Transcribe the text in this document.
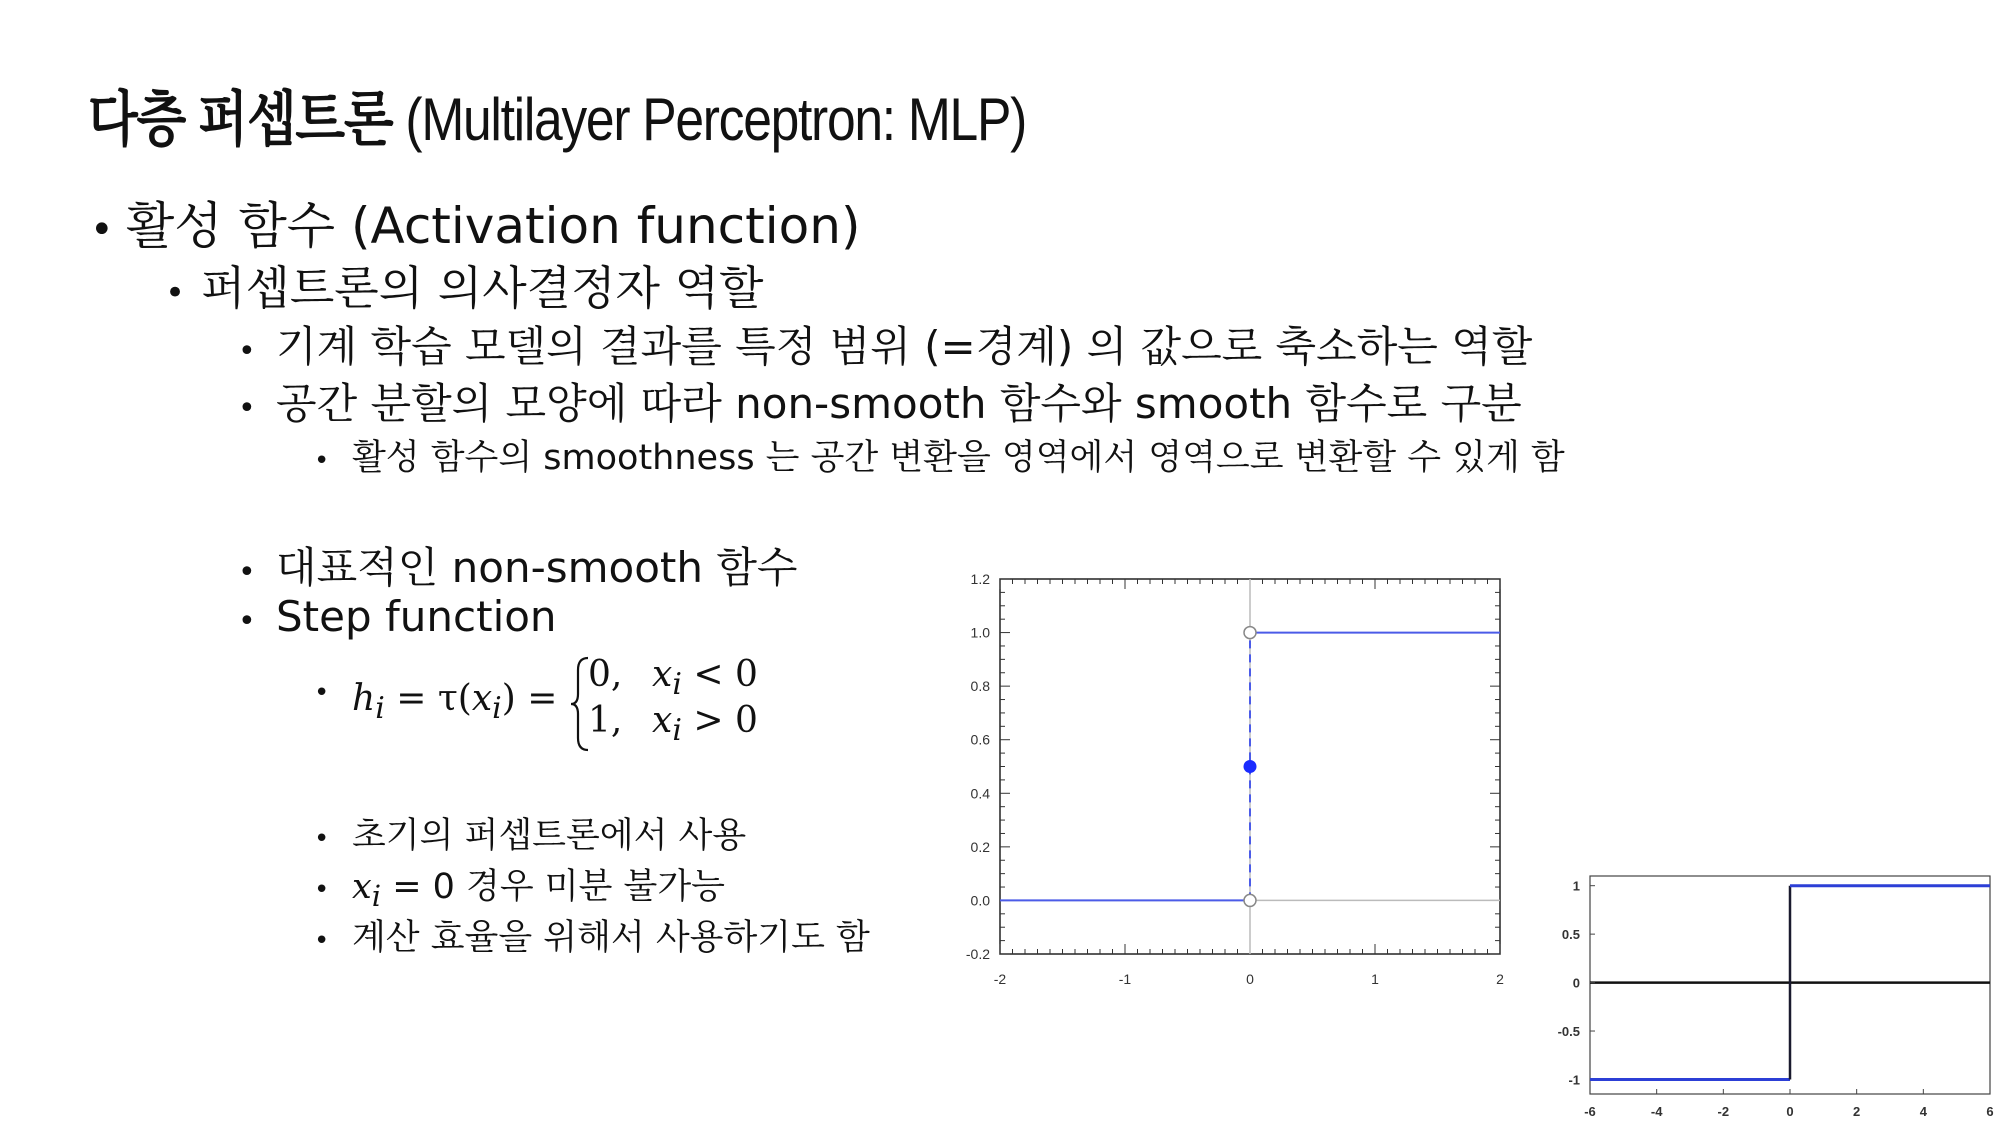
다층 퍼셉트론 (Multilayer Perceptron: MLP)
• 활성 함수 (Activation function)
• 퍼셉트론의 의사결정자 역할
• 기계 학습 모델의 결과를 특정 범위 (=경계) 의 값으로 축소하는 역할
• 공간 분할의 모양에 따라 non-smooth 함수와 smooth 함수로 구분
• 활성 함수의 smoothness 는 공간 변환을 영역에서 영역으로 변환할 수 있게 함
• 대표적인 non-smooth 함수
• Step function
• $h_i = \tau(x_i)$ =
0, $x_i < 0$
1, $x_i > 0$
• 초기의 퍼셉트론에서 사용
• $x_i = 0$ 경우 미분 불가능
• 계산 효율을 위해서 사용하기도 함
-2	-1	0	1	2
1.2
1.0
0.8
0.6
0.4
0.2
0.0
-0.2
-6	-4	-2	0	2	4	6
1
0.5
0
-0.5
-1
